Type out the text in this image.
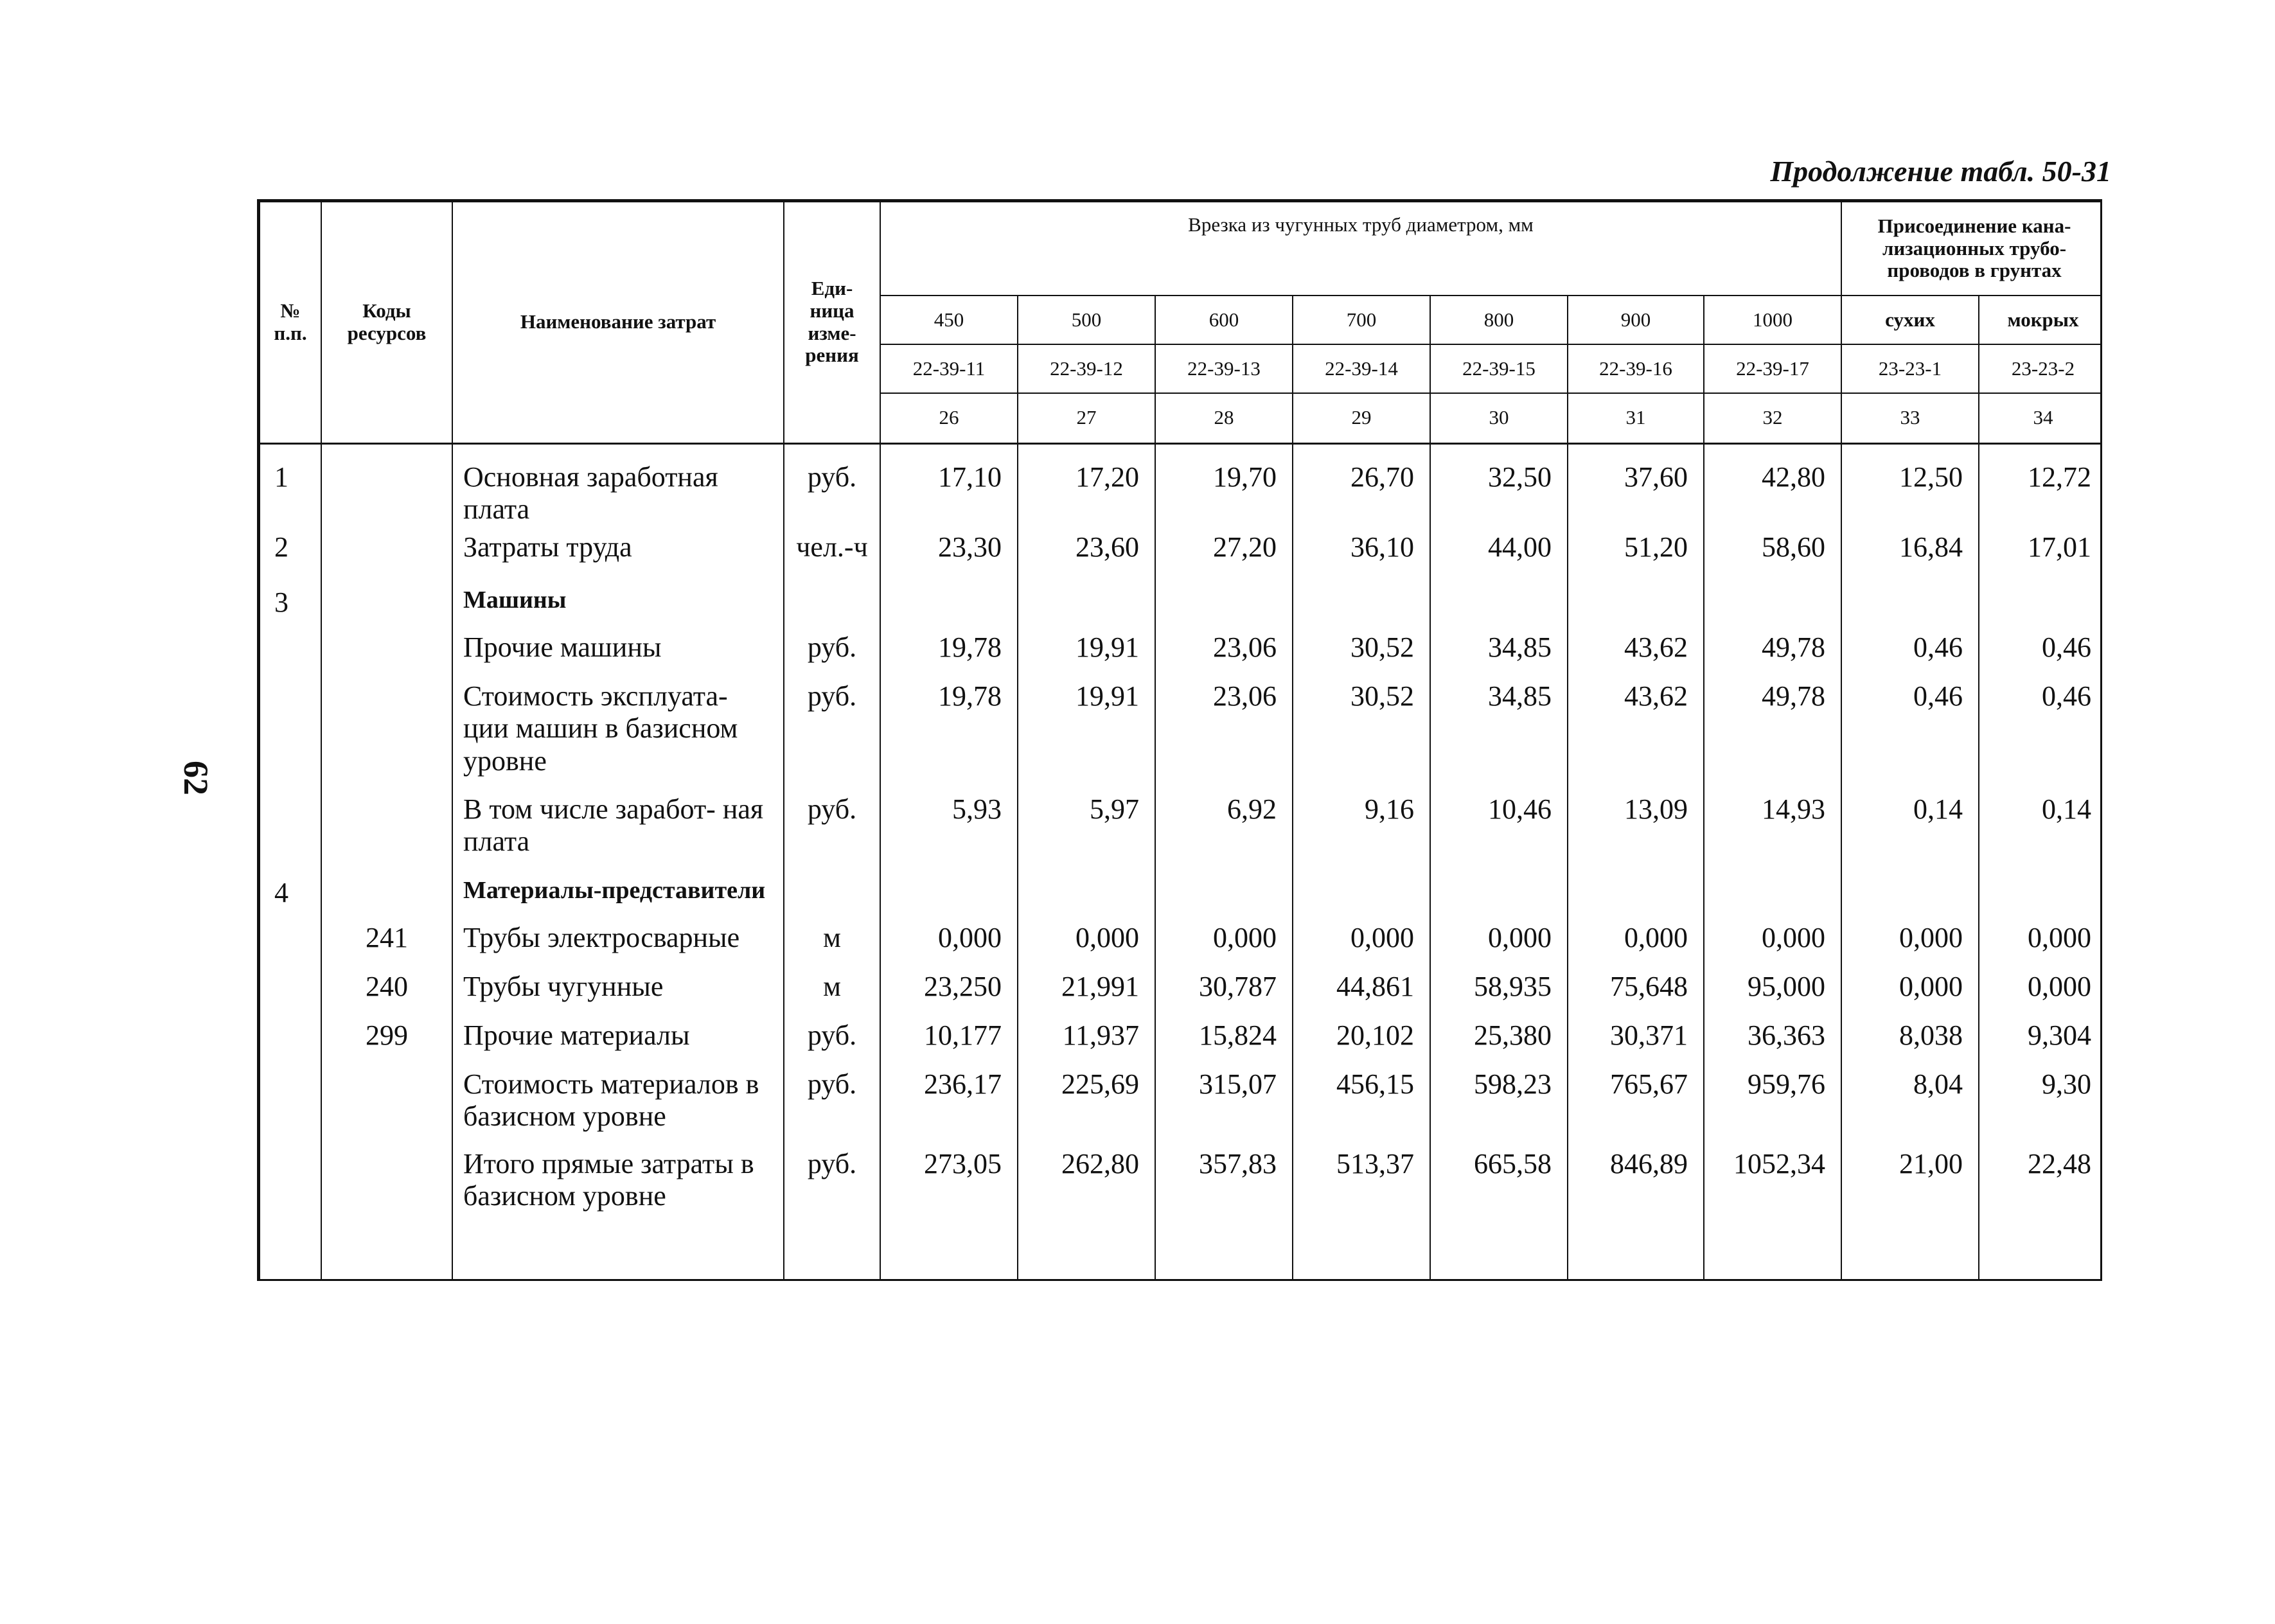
Продолжение табл. 50-31
62
№ п.п.	Коды ресурсов	Наименование затрат	Еди- ница изме- рения	Врезка из чугунных труб диаметром, мм							Присоединение кана- лизационных трубо- проводов в грунтах	
				450	500	600	700	800	900	1000	сухих	мокрых
				22-39-11	22-39-12	22-39-13	22-39-14	22-39-15	22-39-16	22-39-17	23-23-1	23-23-2
				26	27	28	29	30	31	32	33	34
1		Основная заработная плата	руб.	17,10	17,20	19,70	26,70	32,50	37,60	42,80	12,50	12,72
2		Затраты труда	чел.-ч	23,30	23,60	27,20	36,10	44,00	51,20	58,60	16,84	17,01
3		Машины										
		Прочие машины	руб.	19,78	19,91	23,06	30,52	34,85	43,62	49,78	0,46	0,46
		Стоимость эксплуата- ции машин в базисном уровне	руб.	19,78	19,91	23,06	30,52	34,85	43,62	49,78	0,46	0,46
		В том числе заработ- ная плата	руб.	5,93	5,97	6,92	9,16	10,46	13,09	14,93	0,14	0,14
4		Материалы-представители										
	241	Трубы электросварные	м	0,000	0,000	0,000	0,000	0,000	0,000	0,000	0,000	0,000
	240	Трубы чугунные	м	23,250	21,991	30,787	44,861	58,935	75,648	95,000	0,000	0,000
	299	Прочие материалы	руб.	10,177	11,937	15,824	20,102	25,380	30,371	36,363	8,038	9,304
		Стоимость материалов в базисном уровне	руб.	236,17	225,69	315,07	456,15	598,23	765,67	959,76	8,04	9,30
		Итого прямые затраты в базисном уровне	руб.	273,05	262,80	357,83	513,37	665,58	846,89	1052,34	21,00	22,48
